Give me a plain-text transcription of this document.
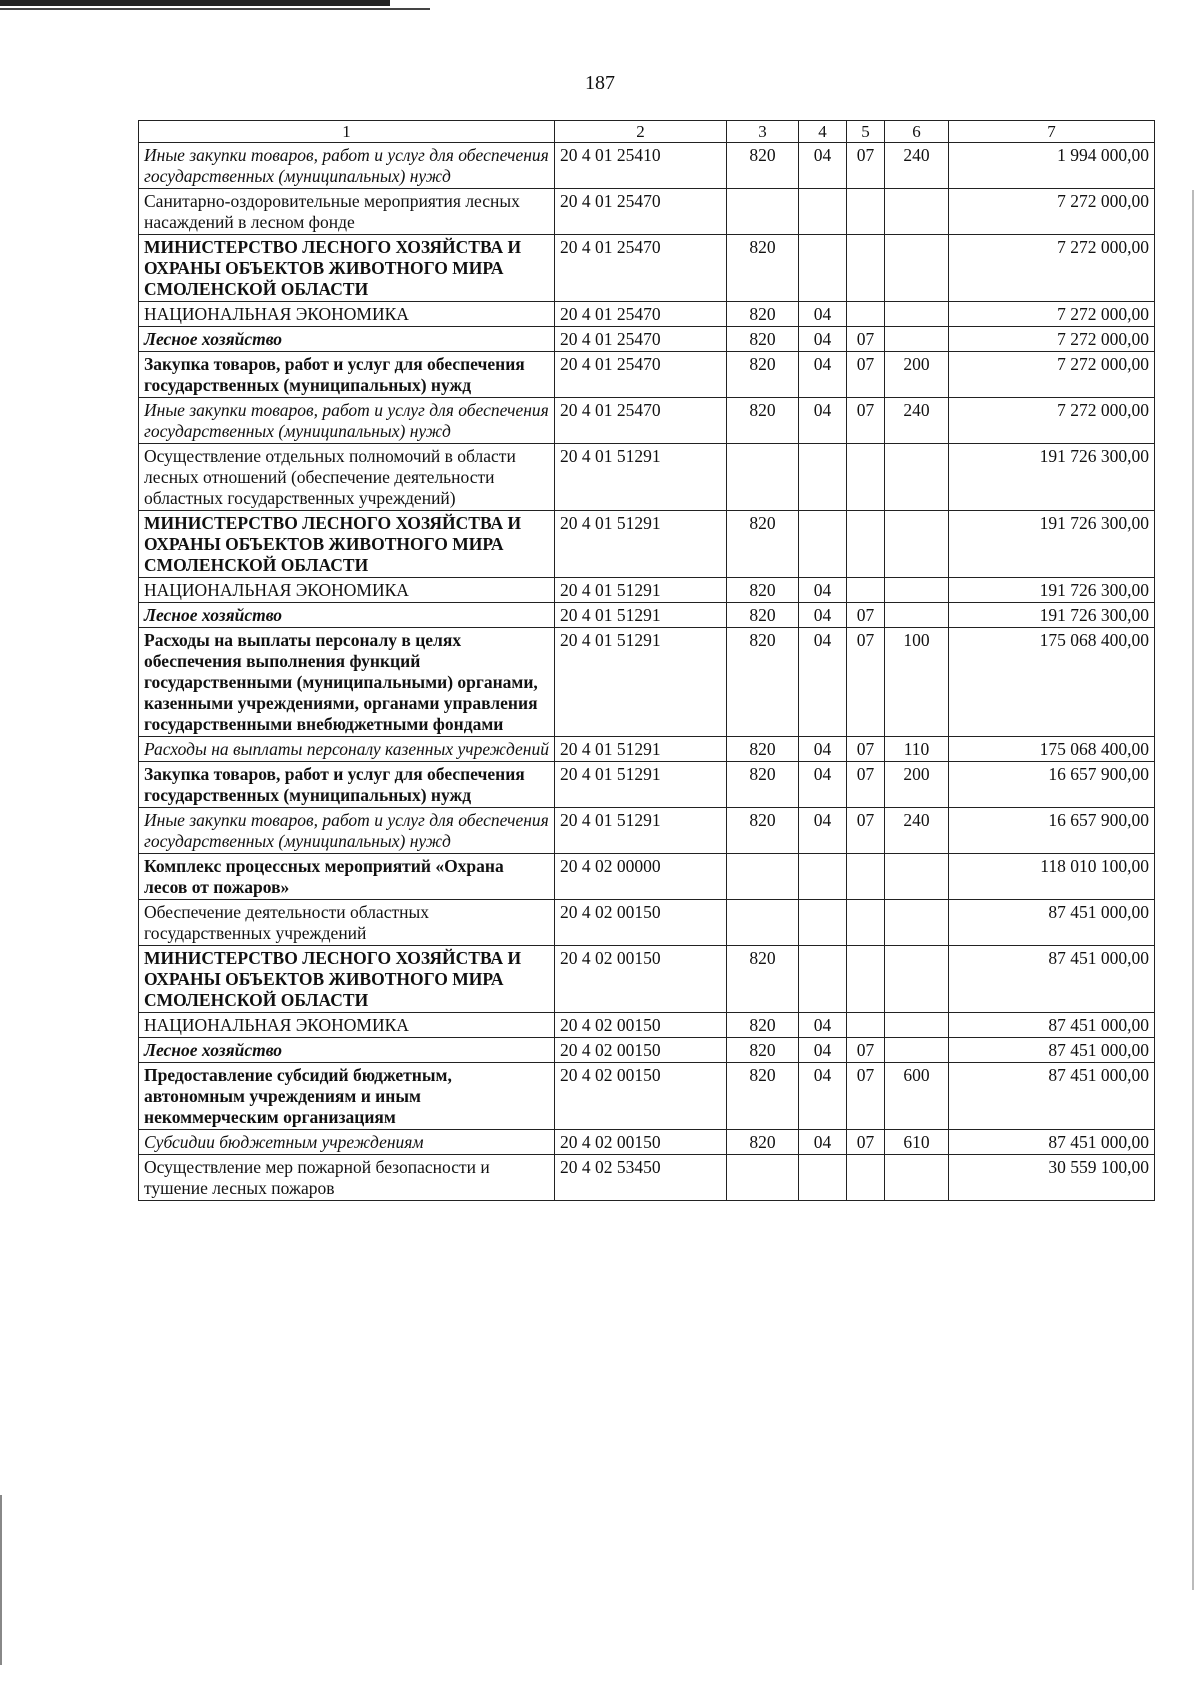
187
1	2	3	4	5	6	7
Иные закупки товаров, работ и услуг для обеспечения государственных (муниципальных) нужд	20 4 01 25410	820	04	07	240	1 994 000,00
Санитарно-оздоровительные мероприятия лесных насаждений в лесном фонде	20 4 01 25470					7 272 000,00
МИНИСТЕРСТВО ЛЕСНОГО ХОЗЯЙСТВА И ОХРАНЫ ОБЪЕКТОВ ЖИВОТНОГО МИРА СМОЛЕНСКОЙ ОБЛАСТИ	20 4 01 25470	820				7 272 000,00
НАЦИОНАЛЬНАЯ ЭКОНОМИКА	20 4 01 25470	820	04			7 272 000,00
Лесное хозяйство	20 4 01 25470	820	04	07		7 272 000,00
Закупка товаров, работ и услуг для обеспечения государственных (муниципальных) нужд	20 4 01 25470	820	04	07	200	7 272 000,00
Иные закупки товаров, работ и услуг для обеспечения государственных (муниципальных) нужд	20 4 01 25470	820	04	07	240	7 272 000,00
Осуществление отдельных полномочий в области лесных отношений (обеспечение деятельности областных государственных учреждений)	20 4 01 51291					191 726 300,00
МИНИСТЕРСТВО ЛЕСНОГО ХОЗЯЙСТВА И ОХРАНЫ ОБЪЕКТОВ ЖИВОТНОГО МИРА СМОЛЕНСКОЙ ОБЛАСТИ	20 4 01 51291	820				191 726 300,00
НАЦИОНАЛЬНАЯ ЭКОНОМИКА	20 4 01 51291	820	04			191 726 300,00
Лесное хозяйство	20 4 01 51291	820	04	07		191 726 300,00
Расходы на выплаты персоналу в целях обеспечения выполнения функций государственными (муниципальными) органами, казенными учреждениями, органами управления государственными внебюджетными фондами	20 4 01 51291	820	04	07	100	175 068 400,00
Расходы на выплаты персоналу казенных учреждений	20 4 01 51291	820	04	07	110	175 068 400,00
Закупка товаров, работ и услуг для обеспечения государственных (муниципальных) нужд	20 4 01 51291	820	04	07	200	16 657 900,00
Иные закупки товаров, работ и услуг для обеспечения государственных (муниципальных) нужд	20 4 01 51291	820	04	07	240	16 657 900,00
Комплекс процессных мероприятий «Охрана лесов от пожаров»	20 4 02 00000					118 010 100,00
Обеспечение деятельности областных государственных учреждений	20 4 02 00150					87 451 000,00
МИНИСТЕРСТВО ЛЕСНОГО ХОЗЯЙСТВА И ОХРАНЫ ОБЪЕКТОВ ЖИВОТНОГО МИРА СМОЛЕНСКОЙ ОБЛАСТИ	20 4 02 00150	820				87 451 000,00
НАЦИОНАЛЬНАЯ ЭКОНОМИКА	20 4 02 00150	820	04			87 451 000,00
Лесное хозяйство	20 4 02 00150	820	04	07		87 451 000,00
Предоставление субсидий бюджетным, автономным учреждениям и иным некоммерческим организациям	20 4 02 00150	820	04	07	600	87 451 000,00
Субсидии бюджетным учреждениям	20 4 02 00150	820	04	07	610	87 451 000,00
Осуществление мер пожарной безопасности и тушение лесных пожаров	20 4 02 53450					30 559 100,00
